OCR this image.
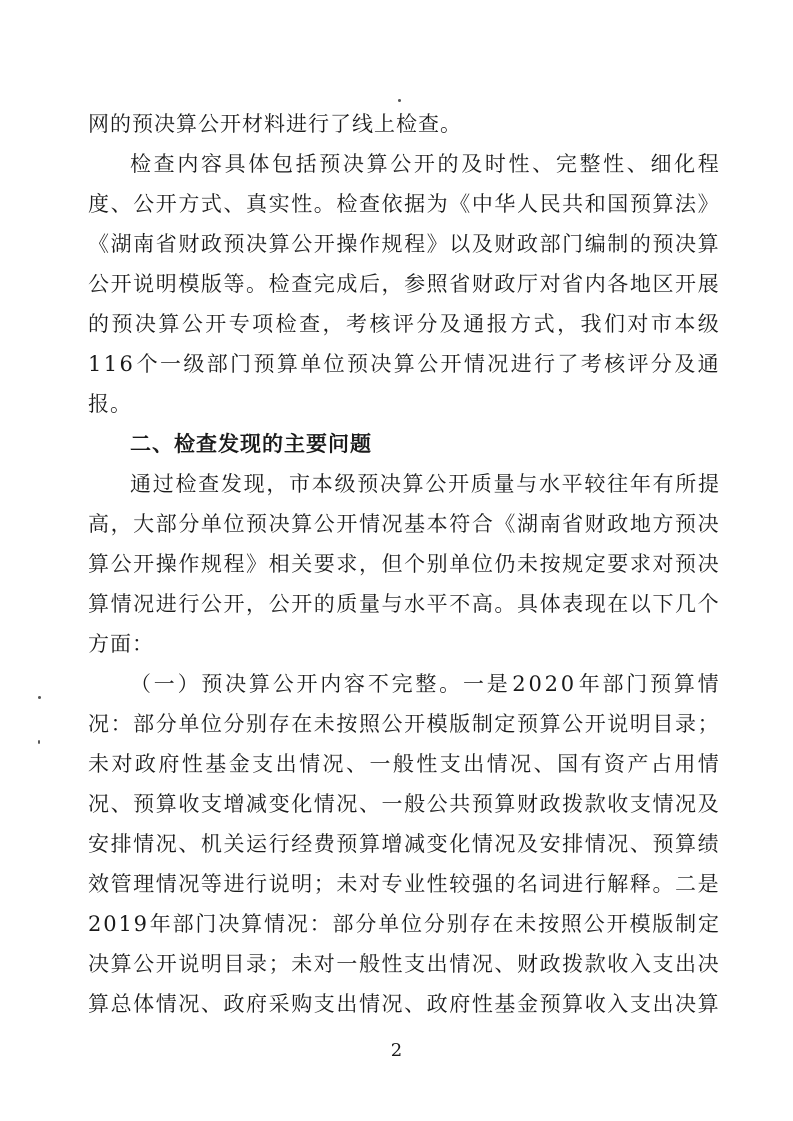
网的预决算公开材料进行了线上检查。
检 查 内 容 具 体 包 括 预 决 算 公 开 的 及 时 性 、 完 整 性 、 细 化 程
度 、 公 开 方 式 、 真 实 性 。 检 查 依 据 为 《 中 华 人 民 共 和 国 预 算 法 》
《 湖 南 省 财 政 预 决 算 公 开 操 作 规 程 》 以 及 财 政 部 门 编 制 的 预 决 算
公 开 说 明 模 版 等 。 检 查 完 成 后 ， 参 照 省 财 政 厅 对 省 内 各 地 区 开 展
的 预 决 算 公 开 专 项 检 查 ， 考 核 评 分 及 通 报 方 式 ， 我 们 对 市 本 级
1 1 6 个 一 级 部 门 预 算 单 位 预 决 算 公 开 情 况 进 行 了 考 核 评 分 及 通
报。
二、检查发现的主要问题
通 过 检 查 发 现 ， 市 本 级 预 决 算 公 开 质 量 与 水 平 较 往 年 有 所 提
高 ， 大 部 分 单 位 预 决 算 公 开 情 况 基 本 符 合 《 湖 南 省 财 政 地 方 预 决
算 公 开 操 作 规 程 》 相 关 要 求 ， 但 个 别 单 位 仍 未 按 规 定 要 求 对 预 决
算 情 况 进 行 公 开 ， 公 开 的 质 量 与 水 平 不 高 。 具 体 表 现 在 以 下 几 个
方面：
（ 一 ） 预 决 算 公 开 内 容 不 完 整 。 一 是 2 0 2 0 年 部 门 预 算 情
况 ： 部 分 单 位 分 别 存 在 未 按 照 公 开 模 版 制 定 预 算 公 开 说 明 目 录 ；
未 对 政 府 性 基 金 支 出 情 况 、 一 般 性 支 出 情 况 、 国 有 资 产 占 用 情
况 、 预 算 收 支 增 减 变 化 情 况 、 一 般 公 共 预 算 财 政 拨 款 收 支 情 况 及
安 排 情 况 、 机 关 运 行 经 费 预 算 增 减 变 化 情 况 及 安 排 情 况 、 预 算 绩
效 管 理 情 况 等 进 行 说 明 ； 未 对 专 业 性 较 强 的 名 词 进 行 解 释 。 二 是
2 0 1 9 年 部 门 决 算 情 况 ： 部 分 单 位 分 别 存 在 未 按 照 公 开 模 版 制 定
决 算 公 开 说 明 目 录 ； 未 对 一 般 性 支 出 情 况 、 财 政 拨 款 收 入 支 出 决
算 总 体 情 况 、 政 府 采 购 支 出 情 况 、 政 府 性 基 金 预 算 收 入 支 出 决 算
2
